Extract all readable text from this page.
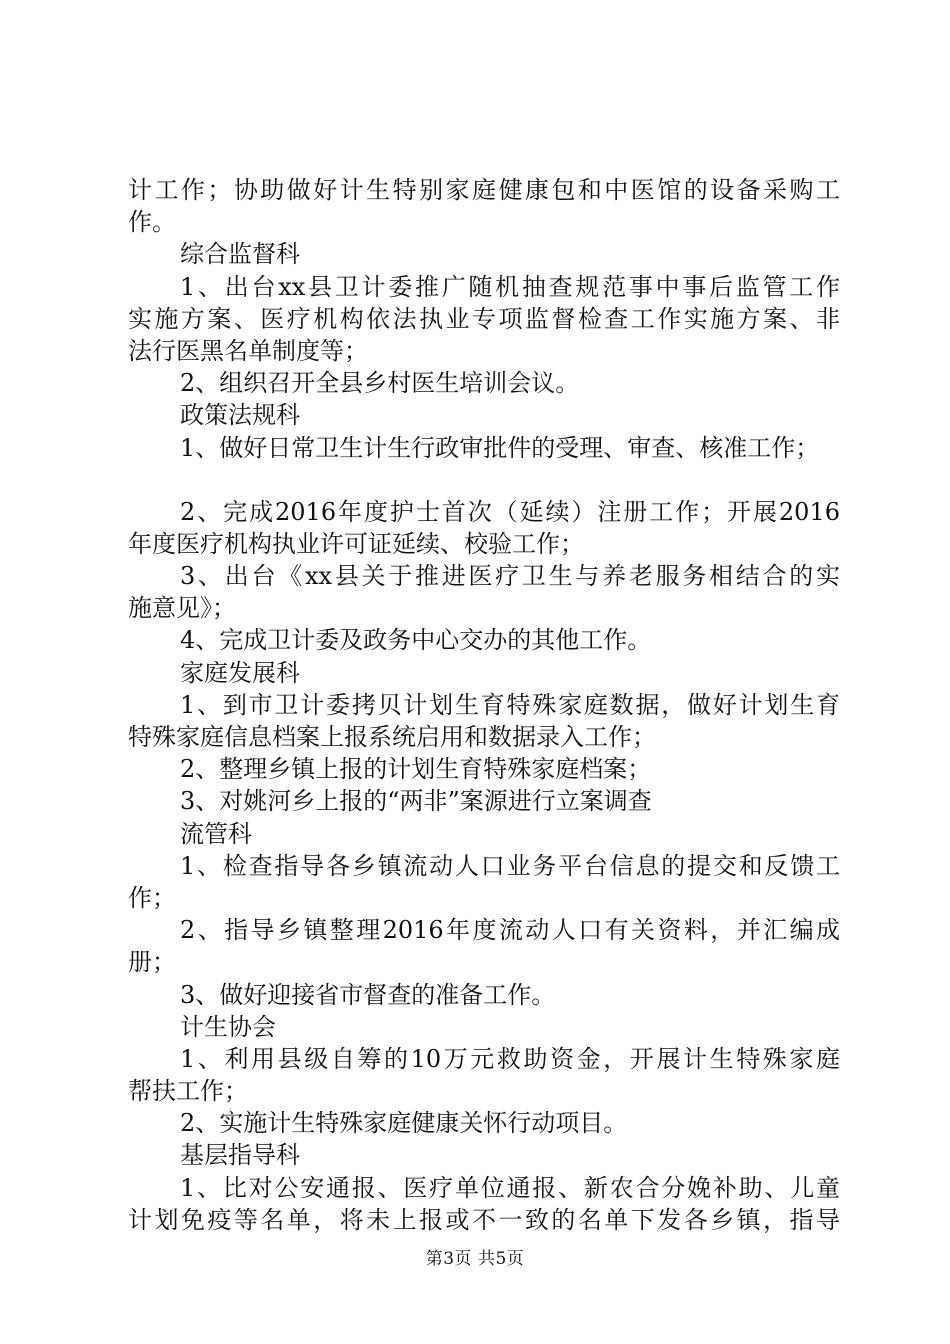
计工作；协助做好计生特别家庭健康包和中医馆的设备采购工
作。
综合监督科
1、出台xx县卫计委推广随机抽查规范事中事后监管工作
实施方案、医疗机构依法执业专项监督检查工作实施方案、非
法行医黑名单制度等；
2、组织召开全县乡村医生培训会议。
政策法规科
1、做好日常卫生计生行政审批件的受理、审查、核准工作；
2、完成2016年度护士首次（延续）注册工作；开展2016
年度医疗机构执业许可证延续、校验工作；
3、出台《xx县关于推进医疗卫生与养老服务相结合的实
施意见》；
4、完成卫计委及政务中心交办的其他工作。
家庭发展科
1、到市卫计委拷贝计划生育特殊家庭数据，做好计划生育
特殊家庭信息档案上报系统启用和数据录入工作；
2、整理乡镇上报的计划生育特殊家庭档案；
3、对姚河乡上报的“两非”案源进行立案调查
流管科
1、检查指导各乡镇流动人口业务平台信息的提交和反馈工
作；
2、指导乡镇整理2016年度流动人口有关资料，并汇编成
册；
3、做好迎接省市督查的准备工作。
计生协会
1、利用县级自筹的10万元救助资金，开展计生特殊家庭
帮扶工作；
2、实施计生特殊家庭健康关怀行动项目。
基层指导科
1、比对公安通报、医疗单位通报、新农合分娩补助、儿童
计划免疫等名单，将未上报或不一致的名单下发各乡镇，指导
第3页 共5页
